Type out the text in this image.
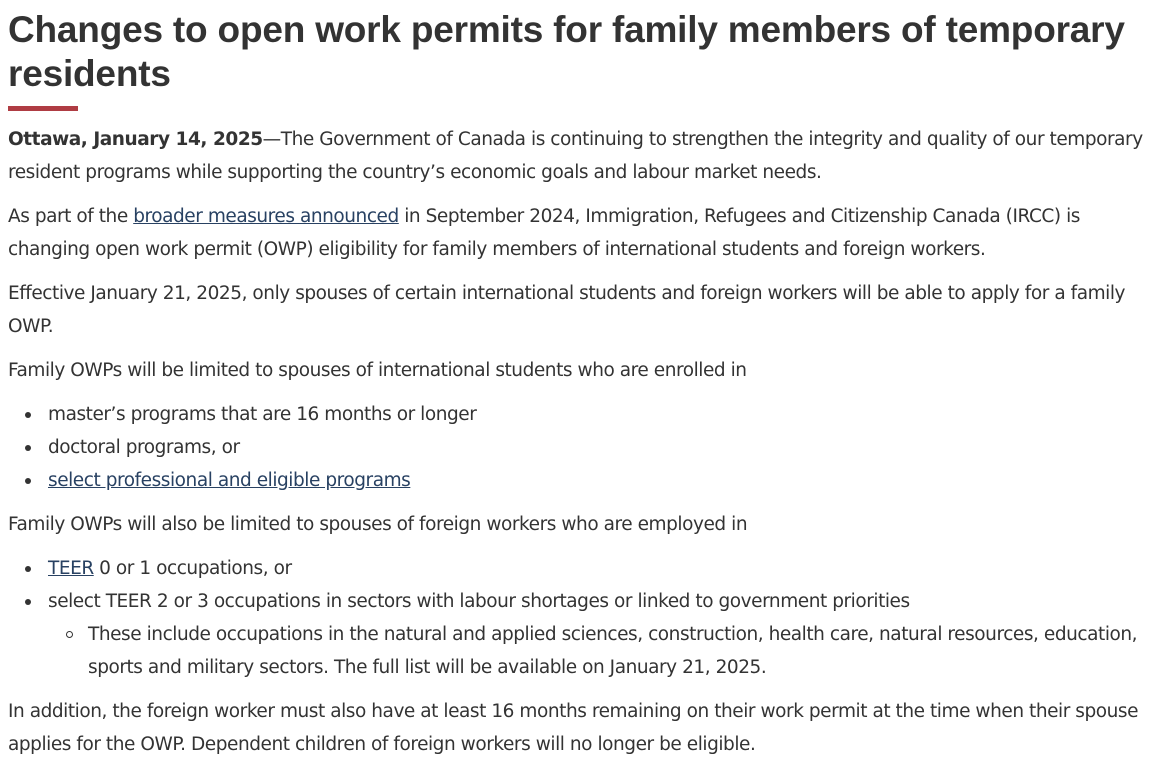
Changes to open work permits for family members of temporary residents

Ottawa, January 14, 2025—The Government of Canada is continuing to strengthen the integrity and quality of our temporary resident programs while supporting the country’s economic goals and labour market needs.

As part of the broader measures announced in September 2024, Immigration, Refugees and Citizenship Canada (IRCC) is changing open work permit (OWP) eligibility for family members of international students and foreign workers.

Effective January 21, 2025, only spouses of certain international students and foreign workers will be able to apply for a family OWP.

Family OWPs will be limited to spouses of international students who are enrolled in

master’s programs that are 16 months or longer
doctoral programs, or
select professional and eligible programs

Family OWPs will also be limited to spouses of foreign workers who are employed in

TEER 0 or 1 occupations, or
select TEER 2 or 3 occupations in sectors with labour shortages or linked to government priorities
These include occupations in the natural and applied sciences, construction, health care, natural resources, education, sports and military sectors. The full list will be available on January 21, 2025.

In addition, the foreign worker must also have at least 16 months remaining on their work permit at the time when their spouse applies for the OWP. Dependent children of foreign workers will no longer be eligible.
